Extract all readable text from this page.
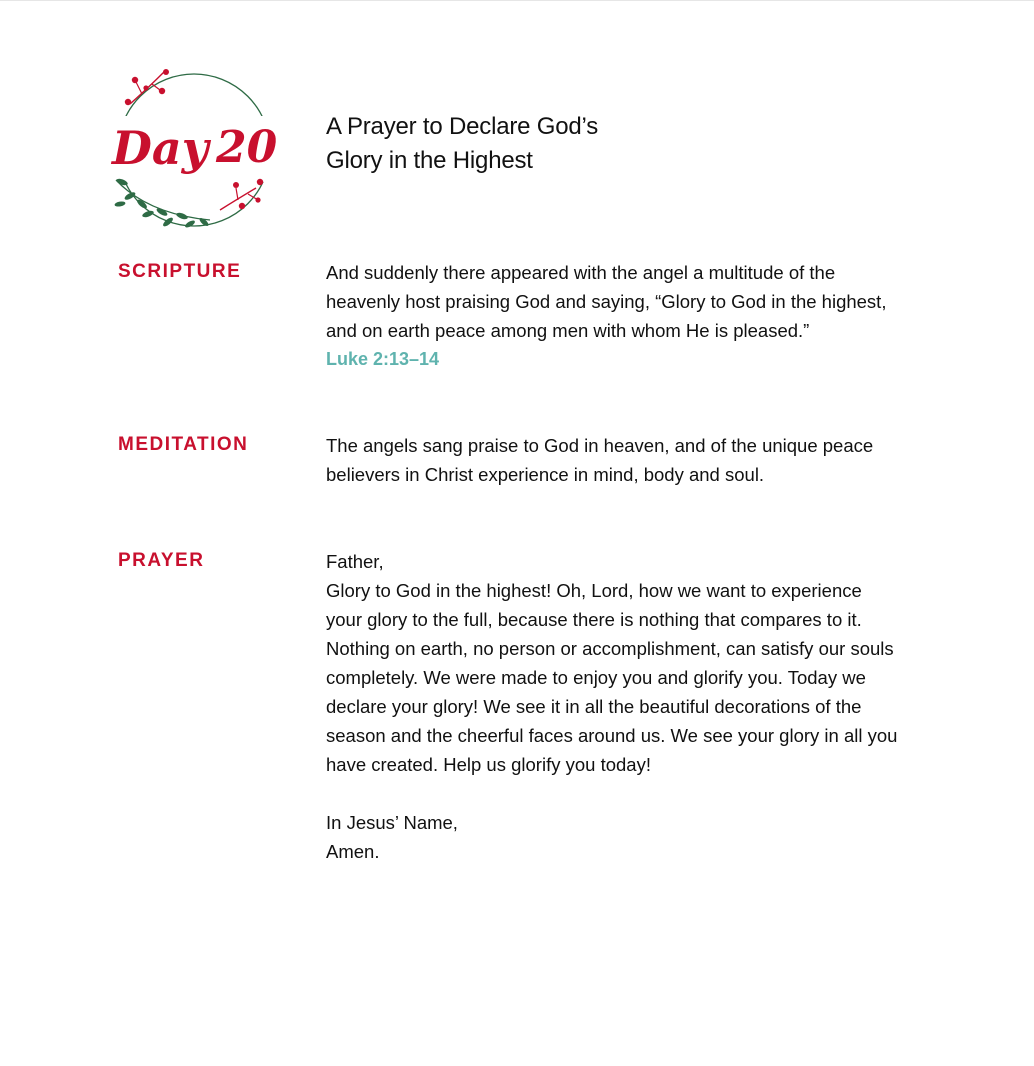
Day 20 A Prayer to Declare God’s
Glory in the Highest
SCRIPTURE	And suddenly there appeared with the angel a multitude of the

heavenly host praising God and saying, “Glory to God in the highest,

and on earth peace among men with whom He is pleased.”

Luke 2:13–14

MEDITATION	The angels sang praise to God in heaven, and of the unique peace

believers in Christ experience in mind, body and soul.

PRAYER	Father,

Glory to God in the highest! Oh, Lord, how we want to experience

your glory to the full, because there is nothing that compares to it.

Nothing on earth, no person or accomplishment, can satisfy our souls

completely. We were made to enjoy you and glorify you. Today we

declare your glory! We see it in all the beautiful decorations of the

season and the cheerful faces around us. We see your glory in all you

have created. Help us glorify you today!

In Jesus’ Name,

Amen.
